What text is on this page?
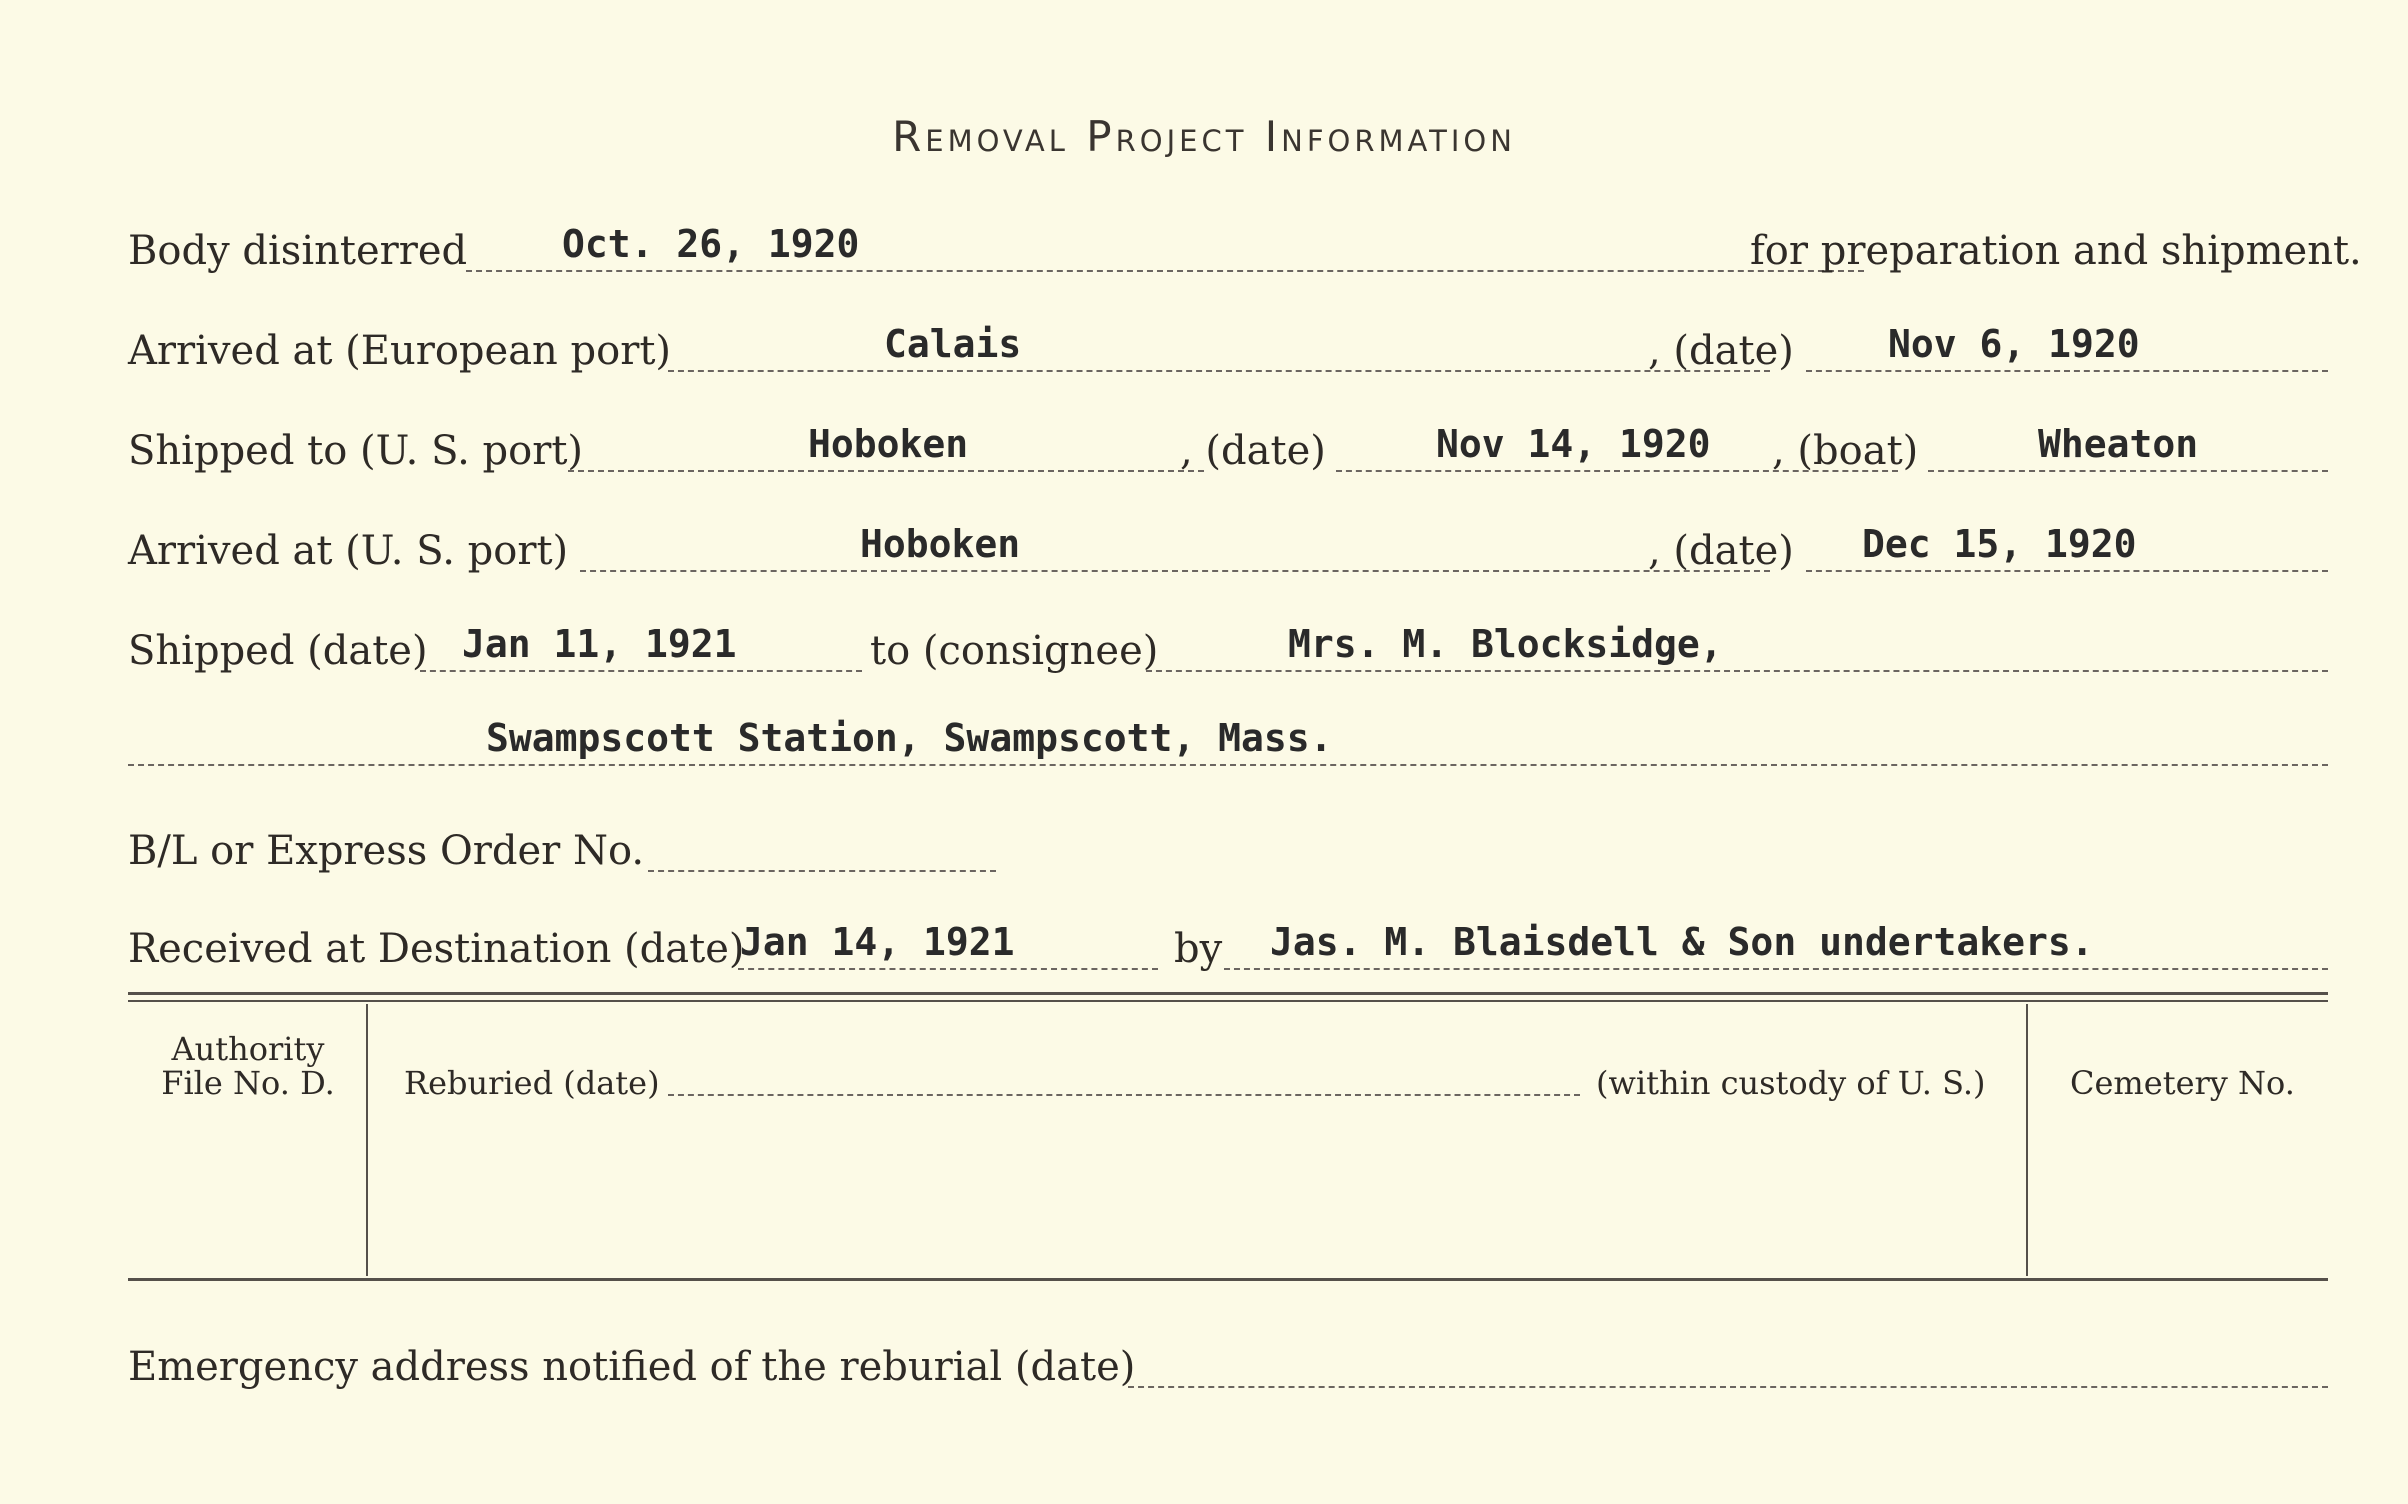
Removal Project Information
Body disinterred Oct. 26, 1920	for preparation and shipment.
Arrived at (European port)	Calais	, (date) Nov 6, 1920
Shipped to (U. S. port)	Hoboken	, (date)	Nov 14, 1920 , (boat)	Wheaton
Arrived at (U. S. port)	Hoboken	, (date) Dec 15, 1920
Shipped (date) Jan 11, 1921	to (consignee)	Mrs. M. Blocksidge,
Swampscott Station, Swampscott, Mass.
B/L or Express Order No.
Received at Destination (date)
Jan 14, 1921	by Jas. M. Blaisdell & Son undertakers.
Authority
File No. D.	Reburied (date)	(within custody of U. S.)	Cemetery No.
Emergency address notified of the reburial (date)
